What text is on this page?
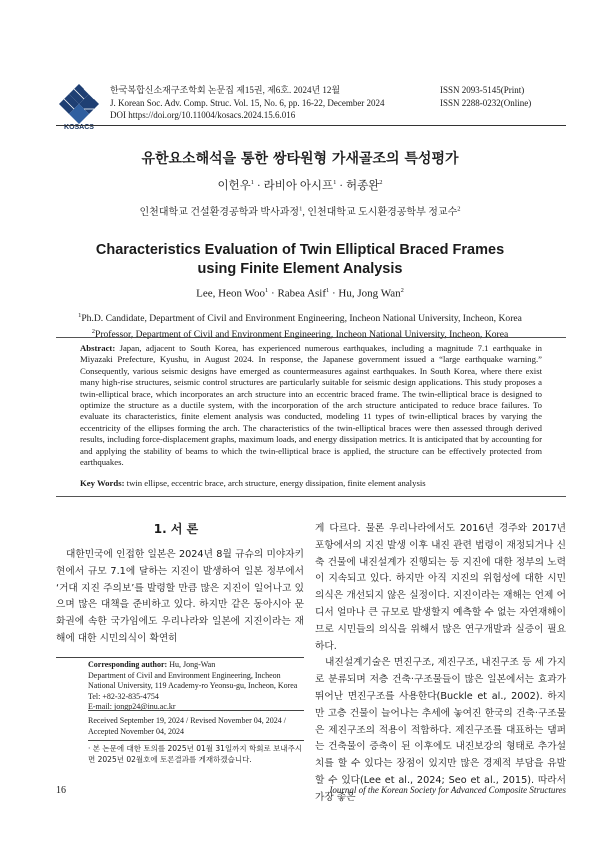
KOSACS
한국복합신소재구조학회 논문집 제15권, 제6호. 2024년 12월
J. Korean Soc. Adv. Comp. Struc. Vol. 15, No. 6, pp. 16-22, December 2024
DOI https://doi.org/10.11004/kosacs.2024.15.6.016
ISSN 2093-5145(Print)
ISSN 2288-0232(Online)
유한요소해석을 통한 쌍타원형 가새골조의 특성평가
이헌우$^1$ · 라비아 아시프$^1$ · 허종완$^2$
인천대학교 건설환경공학과 박사과정$^1$, 인천대학교 도시환경공학부 정교수$^2$
Characteristics Evaluation of Twin Elliptical Braced Frames
using Finite Element Analysis
Lee, Heon Woo$^1$ · Rabea Asif$^1$ · Hu, Jong Wan$^2$
$^1$Ph.D. Candidate, Department of Civil and Environment Engineering, Incheon National University, Incheon, Korea
$^2$Professor, Department of Civil and Environment Engineering, Incheon National University, Incheon, Korea
Abstract: Japan, adjacent to South Korea, has experienced numerous earthquakes, including a magnitude 7.1 earthquake in Miyazaki Prefecture, Kyushu, in August 2024. In response, the Japanese government issued a “large earthquake warning.” Consequently, various seismic designs have emerged as countermeasures against earthquakes. In South Korea, where there exist many high-rise structures, seismic control structures are particularly suitable for seismic design applications. This study proposes a twin-elliptical brace, which incorporates an arch structure into an eccentric braced frame. The twin-elliptical brace is designed to optimize the structure as a ductile system, with the incorporation of the arch structure anticipated to reduce brace failures. To evaluate its characteristics, finite element analysis was conducted, modeling 11 types of twin-elliptical braces by varying the eccentricity of the ellipses forming the arch. The characteristics of the twin-elliptical braces were then assessed through derived results, including force-displacement graphs, maximum loads, and energy dissipation metrics. It is anticipated that by accounting for and applying the stability of beams to which the twin-elliptical brace is applied, the structure can be effectively protected from earthquakes.
Key Words: twin ellipse, eccentric brace, arch structure, energy dissipation, finite element analysis
1. 서 론

대한민국에 인접한 일본은 2024년 8월 규슈의 미야자키현에서 규모 7.1에 달하는 지진이 발생하여 일본 정부에서 ‘거대 지진 주의보’를 발령할 만큼 많은 지진이 일어나고 있으며 많은 대책을 준비하고 있다. 하지만 같은 동아시아 문화권에 속한 국가임에도 우리나라와 일본에 지진이라는 재해에 대한 시민의식이 확연히

게 다르다. 물론 우리나라에서도 2016년 경주와 2017년 포항에서의 지진 발생 이후 내진 관련 법령이 재정되거나 신축 건물에 내진설계가 진행되는 등 지진에 대한 정부의 노력이 지속되고 있다. 하지만 아직 지진의 위험성에 대한 시민의식은 개선되지 않은 실정이다. 지진이라는 재해는 언제 어디서 얼마나 큰 규모로 발생할지 예측할 수 없는 자연재해이므로 시민들의 의식을 위해서 많은 연구개발과 실증이 필요하다.

내진설계기술은 면진구조, 제진구조, 내진구조 등 세 가지로 분류되며 저층 건축·구조물들이 많은 일본에서는 효과가 뛰어난 면진구조를 사용한다(Buckle et al., 2002). 하지만 고층 건물이 늘어나는 추세에 놓여진 한국의 건축·구조물은 제진구조의 적용이 적합하다. 제진구조를 대표하는 댐퍼는 건축물이 증축이 된 이후에도 내진보강의 형태로 추가설치를 할 수 있다는 장점이 있지만 많은 경제적 부담을 유발할 수 있다(Lee et al., 2024; Seo et al., 2015). 따라서 가장 좋은

Corresponding author: Hu, Jong-Wan
Department of Civil and Environment Engineering, Incheon
National University, 119 Academy-ro Yeonsu-gu, Incheon, Korea
Tel: +82-32-835-4754
E-mail: jongp24@inu.ac.kr
Received September 19, 2024 / Revised November 04, 2024 /
Accepted November 04, 2024
· 본 논문에 대한 토의를 2025년 01월 31일까지 학회로 보내주시면 2025년 02월호에 토론결과를 게재하겠습니다.
16	Journal of the Korean Society for Advanced Composite Structures
